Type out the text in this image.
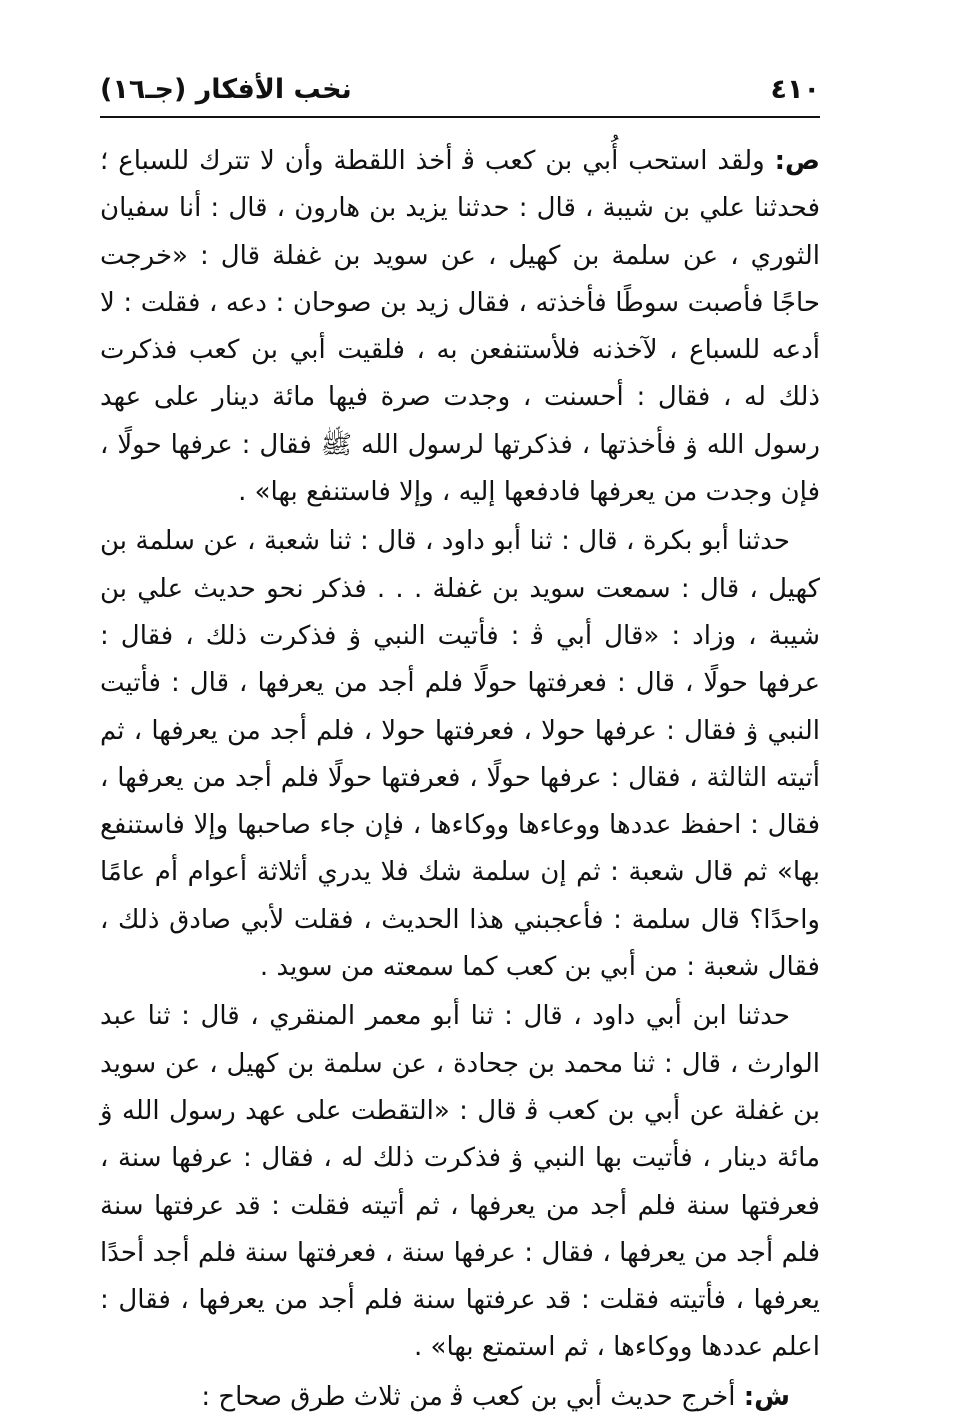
٤١٠
نخب الأفكار (جـ١٦)

ص: ولقد استحب أُبي بن كعب ﭬ أخذ اللقطة وأن لا تترك للسباع ؛ فحدثنا علي بن شيبة ، قال : حدثنا يزيد بن هارون ، قال : أنا سفيان الثوري ، عن سلمة بن كهيل ، عن سويد بن غفلة قال : «خرجت حاجًا فأصبت سوطًا فأخذته ، فقال زيد بن صوحان : دعه ، فقلت : لا أدعه للسباع ، لآخذنه فلأستنفعن به ، فلقيت أبي بن كعب فذكرت ذلك له ، فقال : أحسنت ، وجدت صرة فيها مائة دينار على عهد رسول الله ﯞ فأخذتها ، فذكرتها لرسول الله ﷺ فقال : عرفها حولًا ، فإن وجدت من يعرفها فادفعها إليه ، وإلا فاستنفع بها» .

حدثنا أبو بكرة ، قال : ثنا أبو داود ، قال : ثنا شعبة ، عن سلمة بن كهيل ، قال : سمعت سويد بن غفلة . . . فذكر نحو حديث علي بن شيبة ، وزاد : «قال أبي ﭬ : فأتيت النبي ﯞ فذكرت ذلك ، فقال : عرفها حولًا ، قال : فعرفتها حولًا فلم أجد من يعرفها ، قال : فأتيت النبي ﯞ فقال : عرفها حولا ، فعرفتها حولا ، فلم أجد من يعرفها ، ثم أتيته الثالثة ، فقال : عرفها حولًا ، فعرفتها حولًا فلم أجد من يعرفها ، فقال : احفظ عددها ووعاءها ووكاءها ، فإن جاء صاحبها وإلا فاستنفع بها» ثم قال شعبة : ثم إن سلمة شك فلا يدري أثلاثة أعوام أم عامًا واحدًا؟ قال سلمة : فأعجبني هذا الحديث ، فقلت لأبي صادق ذلك ، فقال شعبة : من أبي بن كعب كما سمعته من سويد .

حدثنا ابن أبي داود ، قال : ثنا أبو معمر المنقري ، قال : ثنا عبد الوارث ، قال : ثنا محمد بن جحادة ، عن سلمة بن كهيل ، عن سويد بن غفلة عن أبي بن كعب ﭬ قال : «التقطت على عهد رسول الله ﯞ مائة دينار ، فأتيت بها النبي ﯞ فذكرت ذلك له ، فقال : عرفها سنة ، فعرفتها سنة فلم أجد من يعرفها ، ثم أتيته فقلت : قد عرفتها سنة فلم أجد من يعرفها ، فقال : عرفها سنة ، فعرفتها سنة فلم أجد أحدًا يعرفها ، فأتيته فقلت : قد عرفتها سنة فلم أجد من يعرفها ، فقال : اعلم عددها ووكاءها ، ثم استمتع بها» .

ش: أخرج حديث أبي بن كعب ﭬ من ثلاث طرق صحاح :
